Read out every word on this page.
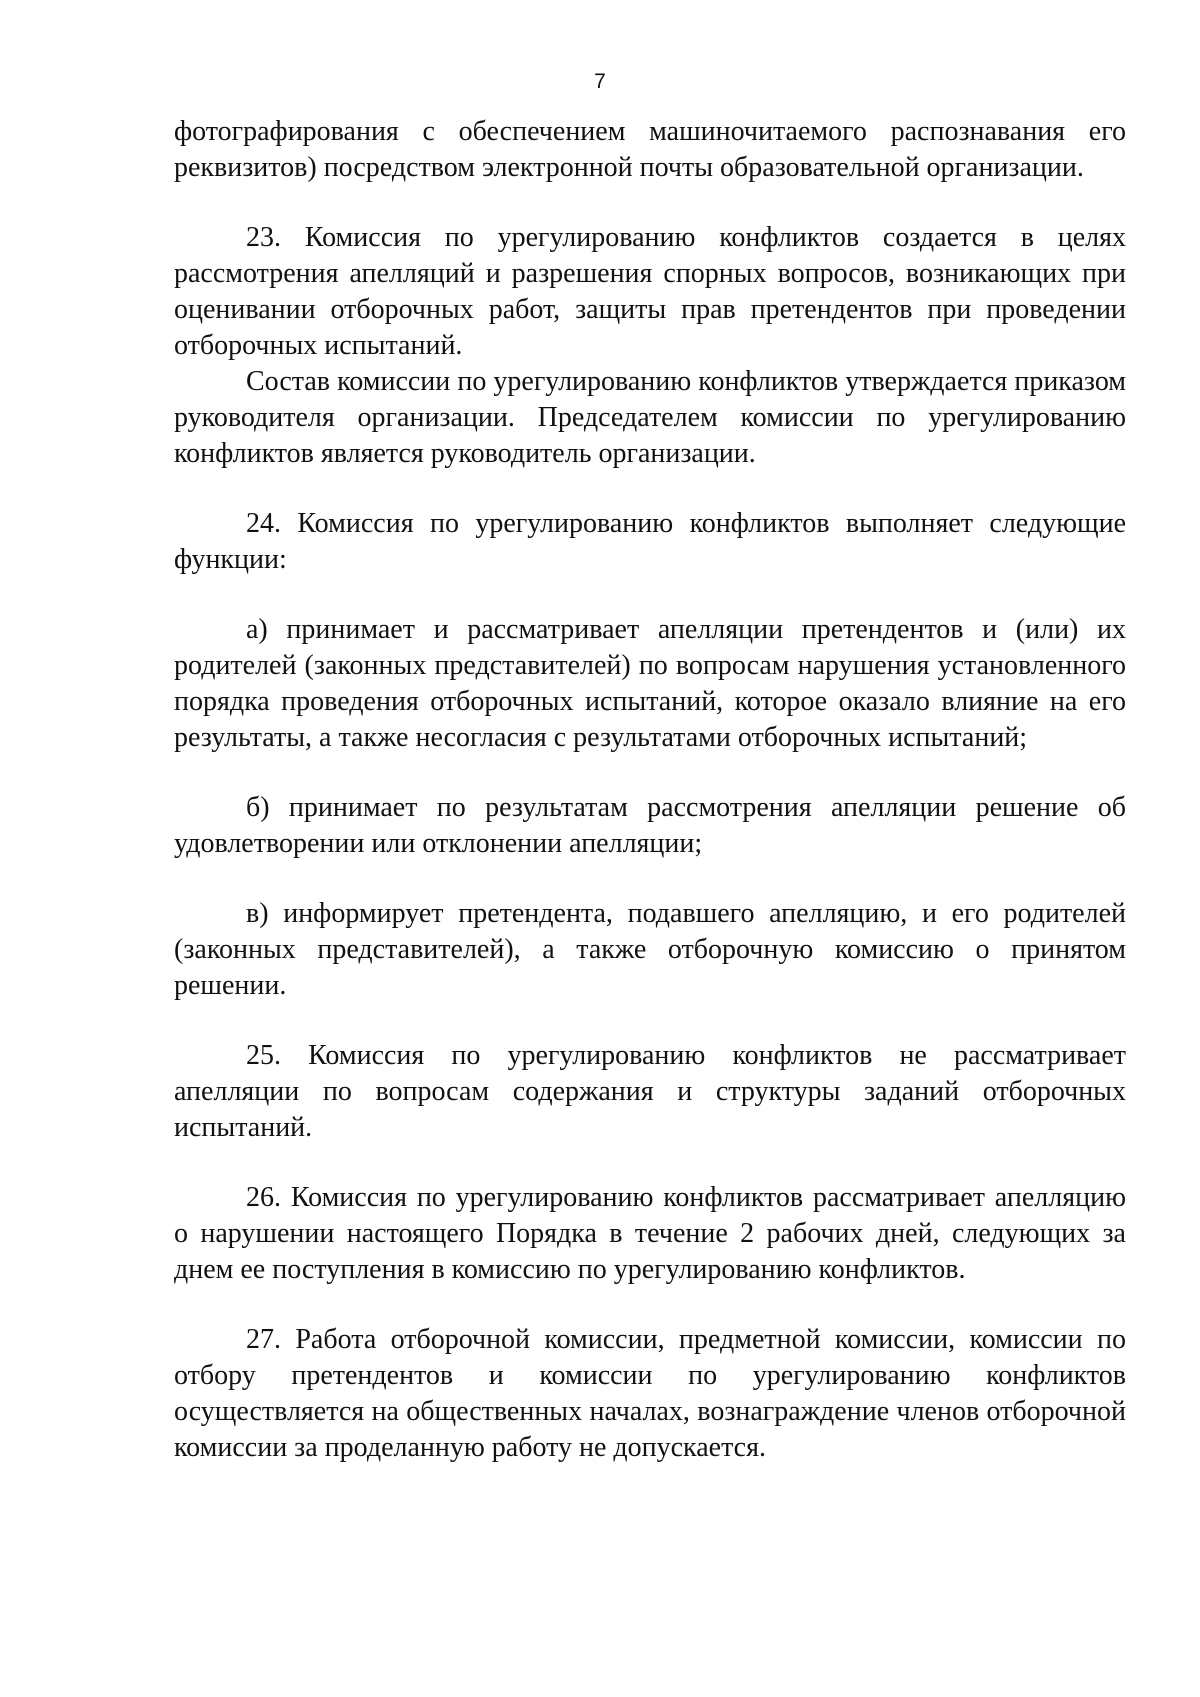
7

фотографирования с обеспечением машиночитаемого распознавания его реквизитов) посредством электронной почты образовательной организации.

23. Комиссия по урегулированию конфликтов создается в целях рассмотрения апелляций и разрешения спорных вопросов, возникающих при оценивании отборочных работ, защиты прав претендентов при проведении отборочных испытаний.

Состав комиссии по урегулированию конфликтов утверждается приказом руководителя организации. Председателем комиссии по урегулированию конфликтов является руководитель организации.

24. Комиссия по урегулированию конфликтов выполняет следующие функции:

а) принимает и рассматривает апелляции претендентов и (или) их родителей (законных представителей) по вопросам нарушения установленного порядка проведения отборочных испытаний, которое оказало влияние на его результаты, а также несогласия с результатами отборочных испытаний;

б) принимает по результатам рассмотрения апелляции решение об удовлетворении или отклонении апелляции;

в) информирует претендента, подавшего апелляцию, и его родителей (законных представителей), а также отборочную комиссию о принятом решении.

25. Комиссия по урегулированию конфликтов не рассматривает апелляции по вопросам содержания и структуры заданий отборочных испытаний.

26. Комиссия по урегулированию конфликтов рассматривает апелляцию о нарушении настоящего Порядка в течение 2 рабочих дней, следующих за днем ее поступления в комиссию по урегулированию конфликтов.

27. Работа отборочной комиссии, предметной комиссии, комиссии по отбору претендентов и комиссии по урегулированию конфликтов осуществляется на общественных началах, вознаграждение членов отборочной комиссии за проделанную работу не допускается.
